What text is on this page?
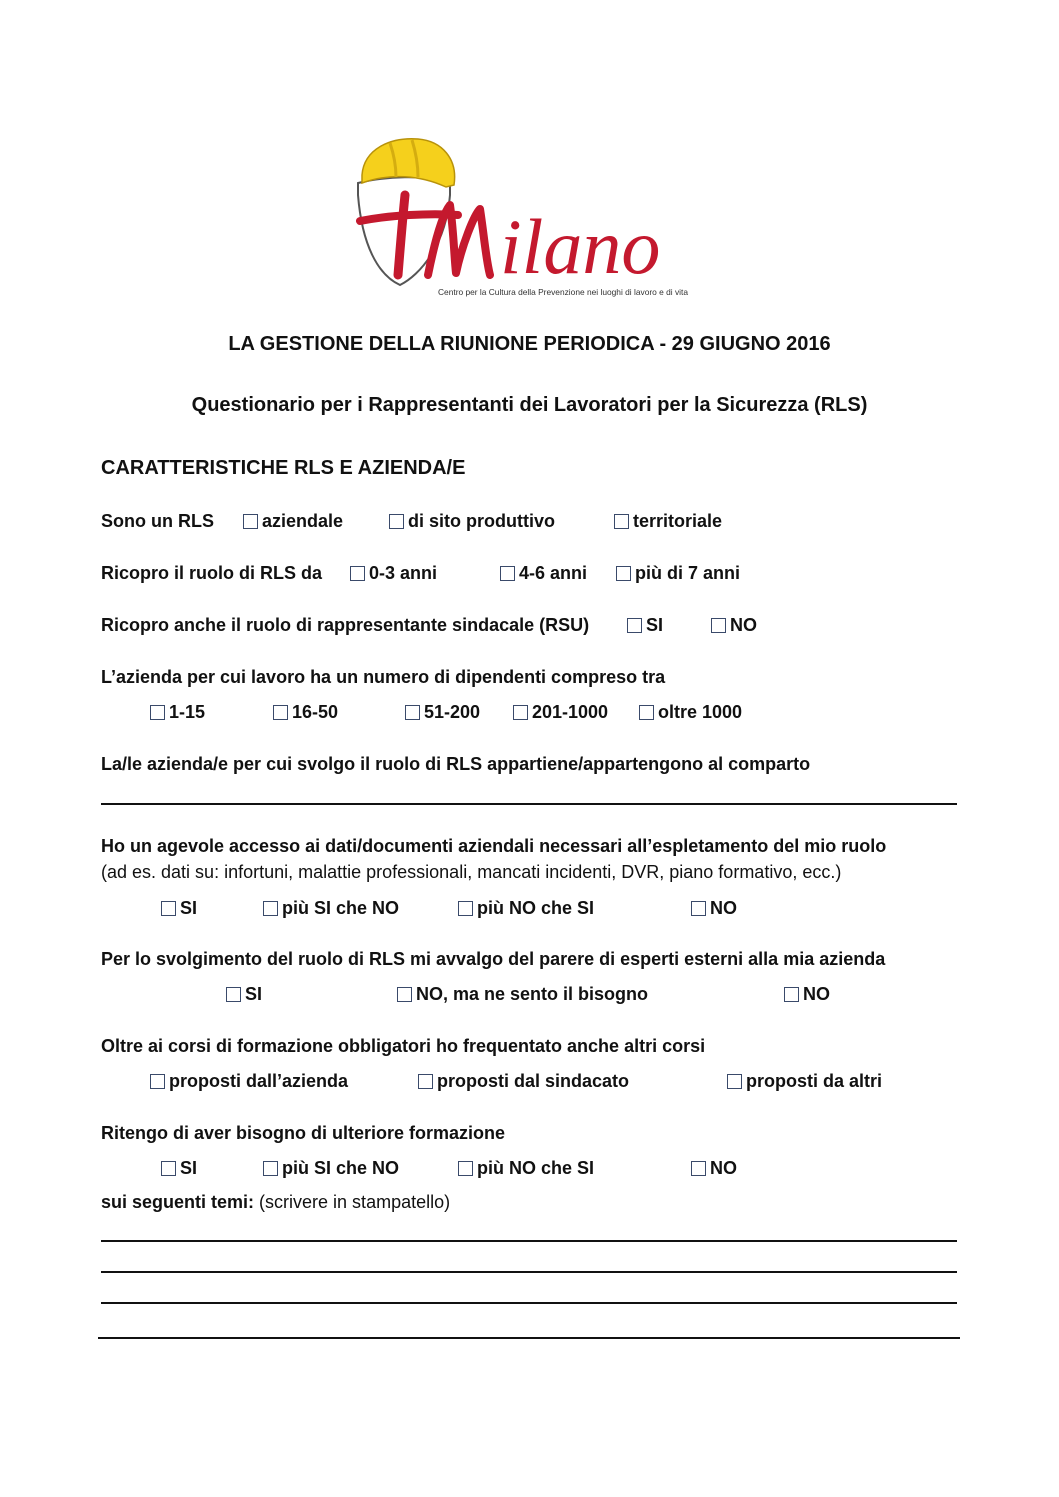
ilano
Centro per la Cultura della Prevenzione nei luoghi di lavoro e di vita
LA GESTIONE DELLA RIUNIONE PERIODICA - 29 GIUGNO 2016
Questionario per i Rappresentanti dei Lavoratori per la Sicurezza (RLS)
CARATTERISTICHE RLS E AZIENDA/E
Sono un RLS	aziendale	di sito produttivo	territoriale
Ricopro il ruolo di RLS da	0-3 anni	4-6 anni	più di 7 anni
Ricopro anche il ruolo di rappresentante sindacale (RSU)	SI	NO
L’azienda per cui lavoro ha un numero di dipendenti compreso tra
1-15	16-50	51-200	201-1000	oltre 1000
La/le azienda/e per cui svolgo il ruolo di RLS appartiene/appartengono al comparto
Ho un agevole accesso ai dati/documenti aziendali necessari all’espletamento del mio ruolo
(ad es. dati su: infortuni, malattie professionali, mancati incidenti, DVR, piano formativo, ecc.)
SI	più SI che NO	più NO che SI	NO
Per lo svolgimento del ruolo di RLS mi avvalgo del parere di esperti esterni alla mia azienda
SI	NO, ma ne sento il bisogno	NO
Oltre ai corsi di formazione obbligatori ho frequentato anche altri corsi
proposti dall’azienda	proposti dal sindacato	proposti da altri
Ritengo di aver bisogno di ulteriore formazione
SI	più SI che NO	più NO che SI	NO
sui seguenti temi: (scrivere in stampatello)
